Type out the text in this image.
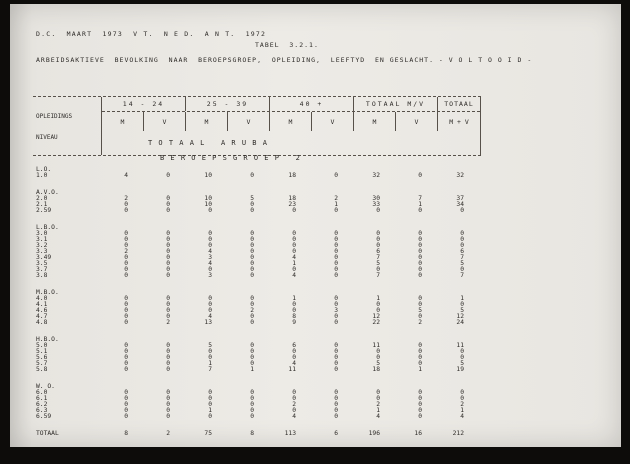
D.C.  MAART  1973  V T.  N E D.  A N T.  1972
TABEL  3.2.1.
ARBEIDSAKTIEVE  BEVOLKING  NAAR  BEROEPSGROEP,  OPLEIDING,  LEEFTYD  EN GESLACHT. - V O L T O O I D -

OPLEIDINGS

NIVEAU

14 - 24	25 - 39	40 +	TOTAAL M/V	TOTAAL
M	V	M	V	M	V	M	V	M + V
T O T A A L   A R U B A
B E R O E P S G R O E P   2
L.O.
1.0	4	0	10	0	18	0	32	0	32
A.V.O.
2.0	2	0	10	5	18	2	30	7	37
2.1	0	0	10	0	23	1	33	1	34
2.59	0	0	0	0	0	0	0	0	0
L.B.O.
3.0	0	0	0	0	0	0	0	0	0
3.1	0	0	0	0	0	0	0	0	0
3.2	0	0	0	0	0	0	0	0	0
3.3	2	0	4	0	0	0	6	0	6
3.49	0	0	3	0	4	0	7	0	7
3.5	0	0	4	0	1	0	5	0	5
3.7	0	0	0	0	0	0	0	0	0
3.8	0	0	3	0	4	0	7	0	7
M.B.O.
4.0	0	0	0	0	1	0	1	0	1
4.1	0	0	0	0	0	0	0	0	0
4.6	0	0	0	2	0	3	0	5	5
4.7	0	0	4	0	8	0	12	0	12
4.8	0	2	13	0	9	0	22	2	24
H.B.O.
5.0	0	0	5	0	6	0	11	0	11
5.1	0	0	0	0	0	0	0	0	0
5.6	0	0	0	0	0	0	0	0	0
5.7	0	0	1	0	4	0	5	0	5
5.8	0	0	7	1	11	0	18	1	19
W. O.
6.0	0	0	0	0	0	0	0	0	0
6.1	0	0	0	0	0	0	0	0	0
6.2	0	0	0	0	2	0	2	0	2
6.3	0	0	1	0	0	0	1	0	1
6.59	0	0	0	0	4	0	4	0	4
TOTAAL	8	2	75	8	113	6	196	16	212
